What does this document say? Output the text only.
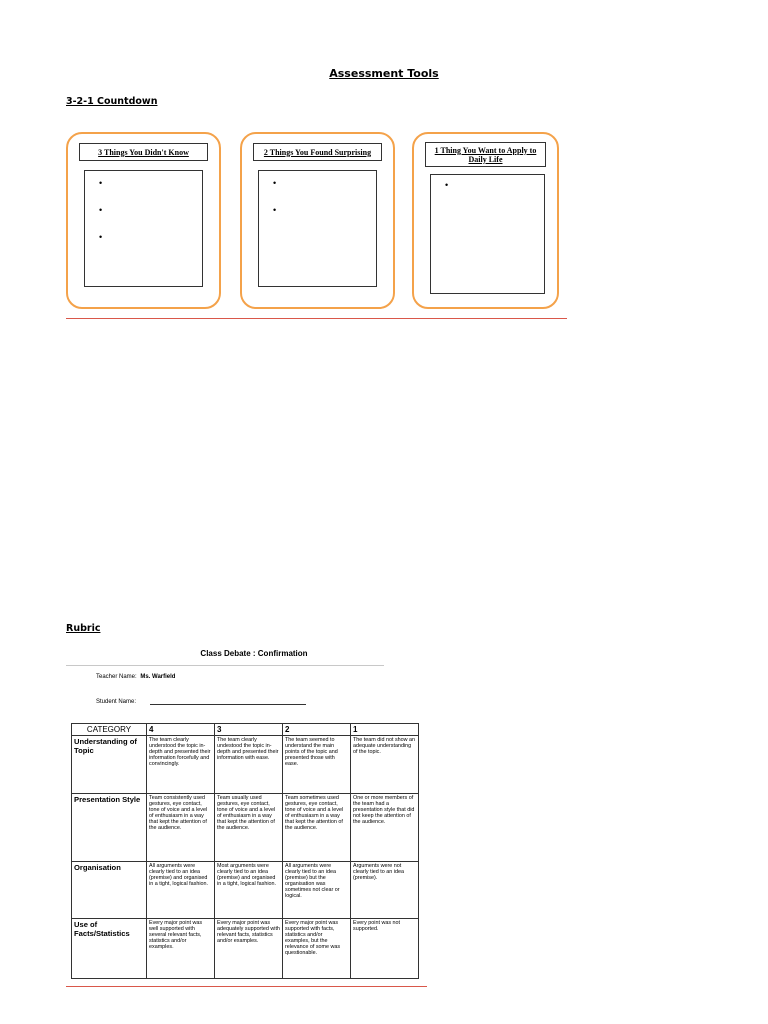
Assessment Tools
3-2-1 Countdown
3 Things You Didn't Know
•
•
•
2 Things You Found Surprising
•
•
1 Thing You Want to Apply to Daily Life
•
Rubric
Class Debate : Confirmation
Teacher Name: Ms. Warfield
Student Name:
CATEGORY	4	3	2	1
Understanding of Topic	The team clearly understood the topic in-depth and presented their information forcefully and convincingly.	The team clearly undestood the topic in-depth and presented their information with ease.	The team seemed to understand the main points of the topic and presented those with ease.	The team did not show an adequate understanding of the topic.
Presentation Style	Team consistently used gestures, eye contact, tone of voice and a level of enthusiasm in a way that kept the attention of the audience.	Team usually used gestures, eye contact, tone of voice and a level of enthusiasm in a way that kept the attention of the audience.	Team sometimes used gestures, eye contact, tone of voice and a level of enthusiasm in a way that kept the attention of the audience.	One or more members of the team had a presentation style that did not keep the attention of the audience.
Organisation	All arguments were clearly tied to an idea (premise) and organised in a tight, logical fashion.	Most arguments were clearly tied to an idea (premise) and organised in a tight, logical fashion.	All arguments were clearly tied to an idea (premise) but the organisation was sometimes not clear or logical.	Arguments were not clearly tied to an idea (premise).
Use of Facts/Statistics	Every major point was well supported with several relevant facts, statistics and/or examples.	Every major point was adequately supported with relevant facts, statistics and/or examples.	Every major point was supported with facts, statistics and/or examples, but the relevance of some was questionable.	Every point was not supported.
